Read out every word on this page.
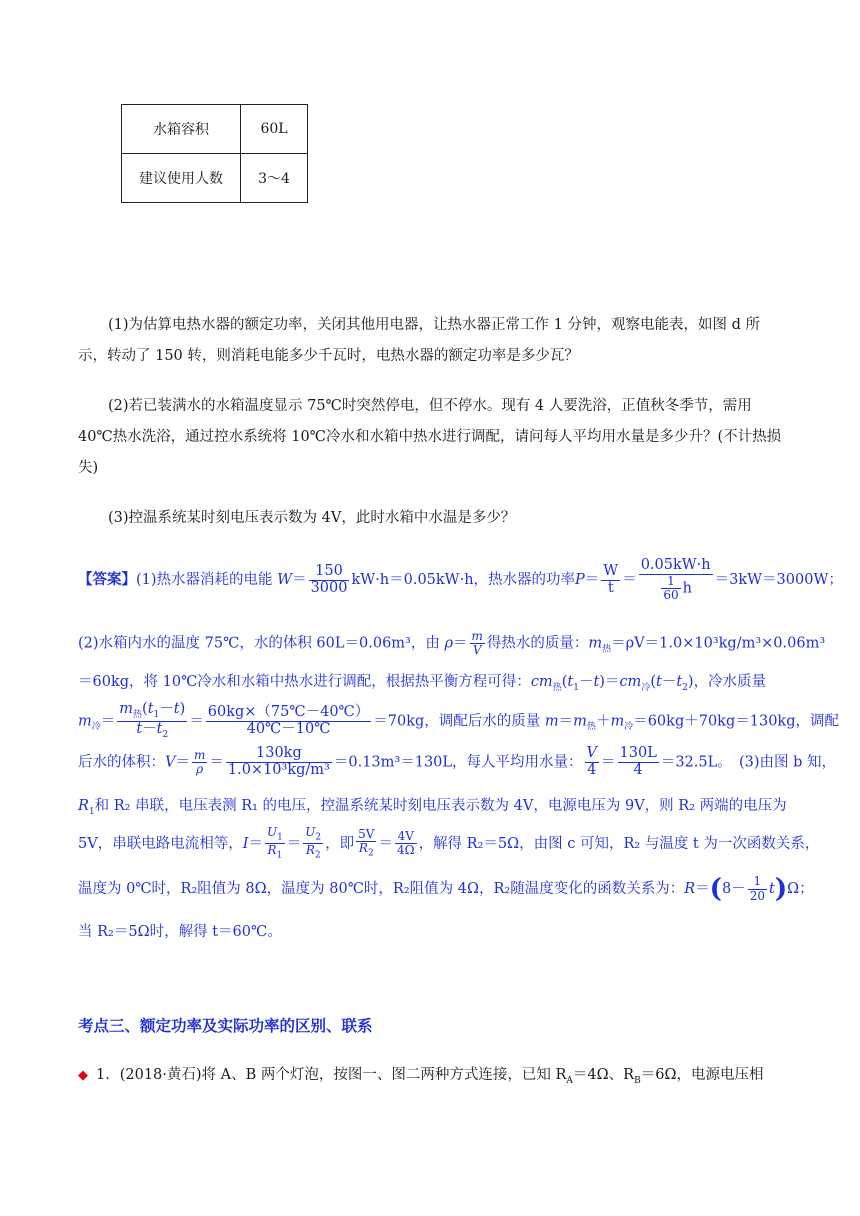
水箱容积	60L
建议使用人数	3～4
(1)为估算电热水器的额定功率，关闭其他用电器，让热水器正常工作 1 分钟，观察电能表，如图 d 所示，转动了 150 转，则消耗电能多少千瓦时，电热水器的额定功率是多少瓦？
(2)若已装满水的水箱温度显示 75℃时突然停电，但不停水。现有 4 人要洗浴，正值秋冬季节，需用 40℃热水洗浴，通过控水系统将 10℃冷水和水箱中热水进行调配，请问每人平均用水量是多少升？(不计热损失)
(3)控温系统某时刻电压表示数为 4V，此时水箱中水温是多少？
【答案】(1)热水器消耗的电能 $W= \frac{150}{3000} kW\cdot h=0.05kW\cdot h$，热水器的功率$P= \frac{W}{t} = \frac{0.05kW\cdot h}{\frac{1}{60} h} =3kW=3000W$；
(2)水箱内水的温度 75℃，水的体积 60L＝0.06m³，由 $\rho= \frac{m}{V}$ 得热水的质量：$m_热=\rho V=1.0\times 10^3kg/m^3\times 0.06m^3$
＝60kg，将 10℃冷水和水箱中热水进行调配，根据热平衡方程可得：$cm_热(t_1-t)=cm_冷(t-t_2)$，冷水质量
$m_冷= \frac{m_热(t_1-t)}{t-t_2} = \frac{60kg\times(75℃-40℃)}{40℃-10℃} =70kg$，调配后水的质量 $m=m_热+m_冷=60kg+70kg=130kg$，调配
后水的体积：$V= \frac{m}{\rho} = \frac{130kg}{\text{1.0×10³kg/m³}} =0.13m^3=130L$，每人平均用水量： $\frac{V}{4} = \frac{130L}{4} =32.5L$。　(3)由图 b 知，
$R_1$和 R₂ 串联，电压表测 R₁ 的电压，控温系统某时刻电压表示数为 4V，电源电压为 9V，则 R₂ 两端的电压为
5V，串联电路电流相等，$I= \frac{U_1}{R_1} = \frac{U_2}{R_2}$ ，即 $\frac{5V}{R_2} = \frac{4V}{4\Omega}$ ，解得 R₂＝5Ω，由图 c 可知，R₂ 与温度 t 为一次函数关系，
温度为 0℃时，R₂阻值为 8Ω，温度为 80℃时，R₂阻值为 4Ω，R₂随温度变化的函数关系为：$R=(8- \frac{1}{20} t)\Omega$；
当 R₂＝5Ω时，解得 t＝60℃。
考点三、额定功率及实际功率的区别、联系
◆ 1．(2018·黄石)将 A、B 两个灯泡，按图一、图二两种方式连接，已知 $R_A=4\Omega$、$R_B=6\Omega$，电源电压相
